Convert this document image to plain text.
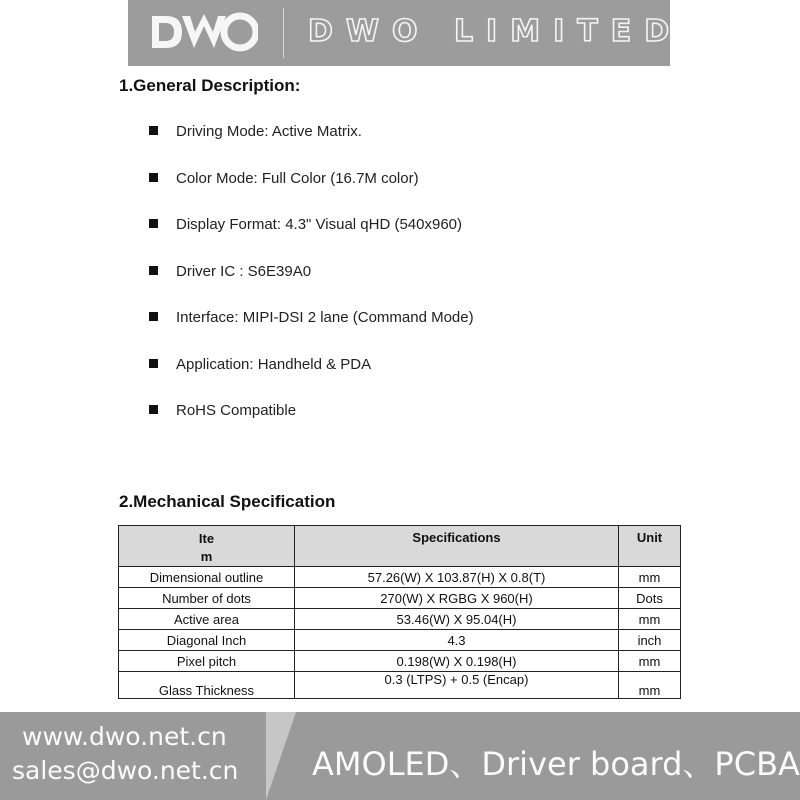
DWO LIMITED
1.General Description:
Driving Mode: Active Matrix.
Color Mode: Full Color (16.7M color)
Display Format: 4.3" Visual qHD (540x960)
Driver IC : S6E39A0
Interface: MIPI-DSI 2 lane (Command Mode)
Application: Handheld & PDA
RoHS Compatible
2.Mechanical Specification
Item	Specifications	Unit
Dimensional outline	57.26(W) X 103.87(H) X 0.8(T)	mm
Number of dots	270(W) X RGBG X 960(H)	Dots
Active area	53.46(W) X 95.04(H)	mm
Diagonal Inch	4.3	inch
Pixel pitch	0.198(W) X 0.198(H)	mm
Glass Thickness	0.3 (LTPS) + 0.5 (Encap)	mm
www.dwo.net.cn
sales@dwo.net.cn AMOLED、Driver board、PCBA
